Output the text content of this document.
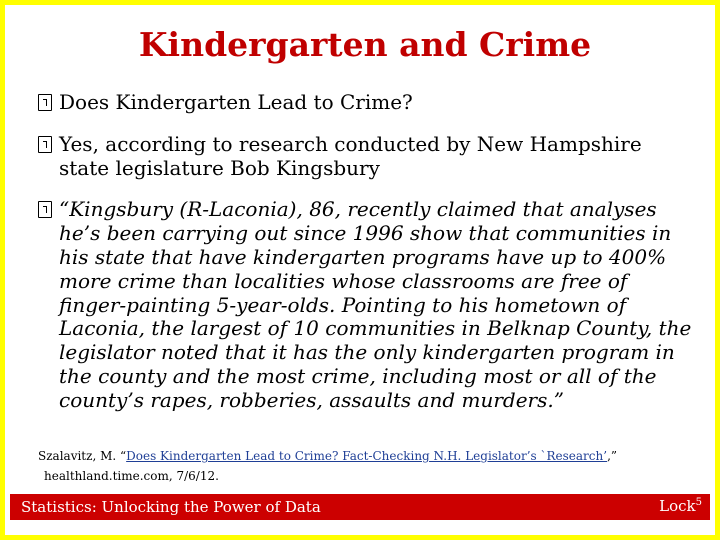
Kindergarten and Crime
Does Kindergarten Lead to Crime?
Yes, according to research conducted by New Hampshire state legislature Bob Kingsbury
“Kingsbury (R-Laconia), 86, recently claimed that analyses he’s been carrying out since 1996 show that communities in his state that have kindergarten programs have up to 400% more crime than localities whose classrooms are free of finger-painting 5-year-olds. Pointing to his hometown of Laconia, the largest of 10 communities in Belknap County, the legislator noted that it has the only kindergarten program in the county and the most crime, including most or all of the county’s rapes, robberies, assaults and murders.”
Szalavitz, M. “Does Kindergarten Lead to Crime? Fact-Checking N.H. Legislator’s `Research’,”
healthland.time.com, 7/6/12.
Statistics: Unlocking the Power of Data	Lock$^5$
